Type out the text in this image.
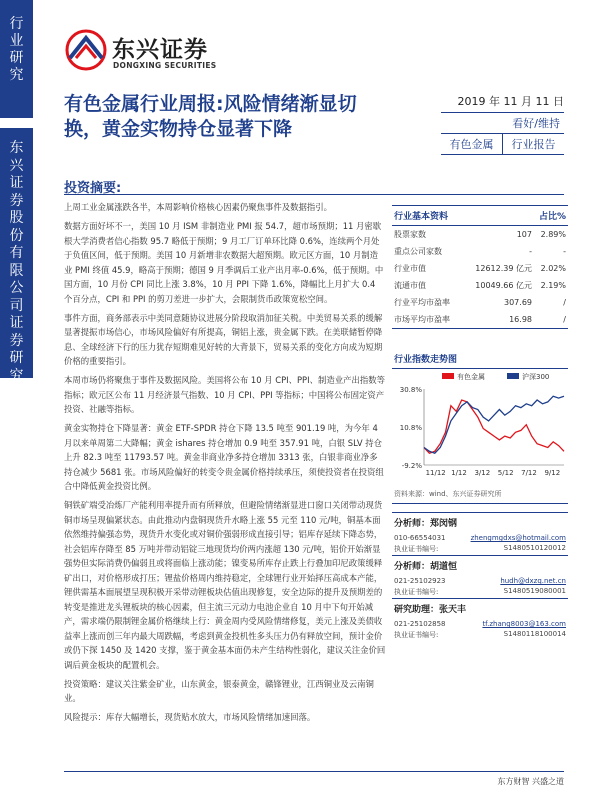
行业研究
东兴证券股份有限公司证券研究报告
东兴证券
DONGXING SECURITIES
有色金属行业周报:风险情绪渐显切换，黄金实物持仓显著下降
2019 年 11 月 11 日
看好/维持
有色金属	行业报告
投资摘要:

上周工业金属涨跌各半，本周影响价格核心因素仍聚焦事件及数据指引。

数据方面好坏不一，美国 10 月 ISM 非制造业 PMI 报 54.7，超市场预期；11 月密歇根大学消费者信心指数 95.7 略低于预期；9 月工厂订单环比降 0.6%，连续两个月处于负值区间，低于预期。美国 10 月新增非农数据大超预期。欧元区方面，10 月制造业 PMI 终值 45.9，略高于预期；德国 9 月季调后工业产出月率-0.6%，低于预期。中国方面，10 月份 CPI 同比上涨 3.8%，10 月 PPI 下降 1.6%，降幅比上月扩大 0.4 个百分点，CPI 和 PPI 的剪刀差进一步扩大，会限制货币政策宽松空间。

事件方面，商务部表示中美同意随协议进展分阶段取消加征关税。中美贸易关系的缓解显著提振市场信心，市场风险偏好有所提高，铜铝上涨，贵金属下跌。在美联储暂停降息、全球经济下行的压力犹存短期难见好转的大背景下，贸易关系的变化方向成为短期价格的重要指引。

本周市场仍将聚焦于事件及数据风险。美国将公布 10 月 CPI、PPI、制造业产出指数等指标；欧元区公布 11 月经济景气指数、10 月 CPI、PPI 等指标；中国将公布固定资产投资、社融等指标。

黄金实物持仓下降显著：黄金 ETF-SPDR 持仓下降 13.5 吨至 901.19 吨，为今年 4 月以来单周第二大降幅；黄金 ishares 持仓增加 0.9 吨至 357.91 吨，白银 SLV 持仓上升 82.3 吨至 11793.57 吨。黄金非商业净多持仓增加 3313 张，白银非商业净多持仓减少 5681 张。市场风险偏好的转变令贵金属价格持续承压，须使投资者在投资组合中降低黄金投资比例。

铜铁矿端受冶炼厂产能利用率提升而有所释放，但避险情绪渐显进口窗口关闭带动现货铜市场呈现偏紧状态。由此推动内盘铜现货升水略上涨 55 元至 110 元/吨，铜基本面依然维持偏强态势，现货升水变化或对铜价强弱形成直接引导；铝库存延续下降态势，社会铝库存降至 85 万吨并带动铝锭三地现货均价两内涨超 130 元/吨，铝价开始渐显强势但实际消费仍偏弱且或将面临上涨动能；镍变易所库存止跌上行叠加印尼政策缓释矿出口，对价格形成打压；锂盐价格周内维持稳定，全球锂行业开始择压高成本产能，锂供需基本面展望呈现积极开采带动锂板块估值出现修复，安全边际的提升及预期差的转变是推进龙头锂板块的核心因素，但主流三元动力电池企业自 10 月中下旬开始减产，需求端仍限制锂金属价格继续上行：黄金周内受风险情绪修复，美元上涨及美债收益率上涨而创三年内最大周跌幅，考虑到黄金投机性多头压力仍有释放空间，预计金价或仍下探 1450 及 1420 支撑，鉴于黄金基本面仍未产生结构性弱化，建议关注金价回调后黄金板块的配置机会。

投资策略：建议关注紫金矿业，山东黄金，银泰黄金，赣锋锂业，江西铜业及云南铜业。

风险提示：库存大幅增长，现货贴水放大，市场风险情绪加速回落。

行业基本资料	占比%
股票家数	107	2.89%
重点公司家数	-	-
行业市值	12612.39 亿元	2.02%
流通市值	10049.66 亿元	2.19%
行业平均市盈率	307.69	/
市场平均市盈率	16.98	/
行业指数走势图
30.8%
10.8%
-9.2%
11/12 1/12 3/12 5/12 7/12 9/12
有色金属	沪深300
资料来源：wind、东兴证券研究所
分析师：郑闵钢
010-66554031	zhengmgdxs@hotmail.com
执业证书编号:	S1480510120012
分析师：胡道恒
021-25102923	hudh@dxzq.net.cn
执业证书编号:	S1480519080001
研究助理：张天丰
021-25102858	tf.zhang8003@163.com
执业证书编号:	S1480118100014
东方财智 兴盛之道
